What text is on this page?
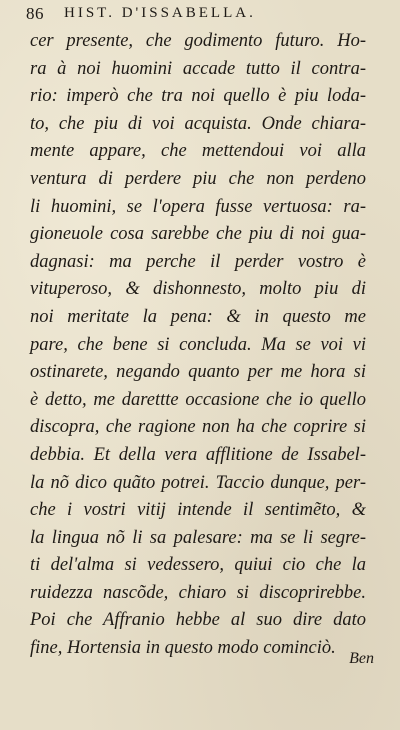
86 HIST. D'ISSABELLA.
cer presente, che godimento futuro. Ho-
ra à noi huomini accade tutto il contra-
rio: imperò che tra noi quello è piu loda-
to, che piu di voi acquista. Onde chiara-
mente appare, che mettendoui voi alla
ventura di perdere piu che non perdeno
li huomini, se l'opera fusse vertuosa: ra-
gioneuole cosa sarebbe che piu di noi gua-
dagnasi: ma perche il perder vostro è
vituperoso, & dishonnesto, molto piu di
noi meritate la pena: & in questo me
pare, che bene si concluda. Ma se voi vi
ostinarete, negando quanto per me hora si
è detto, me darettte occasione che io quello
discopra, che ragione non ha che coprire si
debbia. Et della vera afflitione de Issabel-
la nõ dico quãto potrei. Taccio dunque, per-
che i vostri vitij intende il sentimẽto, &
la lingua nõ li sa palesare: ma se li segre-
ti del'alma si vedessero, quiui cio che la
ruidezza nascõde, chiaro si discoprirebbe.
Poi che Affranio hebbe al suo dire dato
fine, Hortensia in questo modo cominciò.
Ben
